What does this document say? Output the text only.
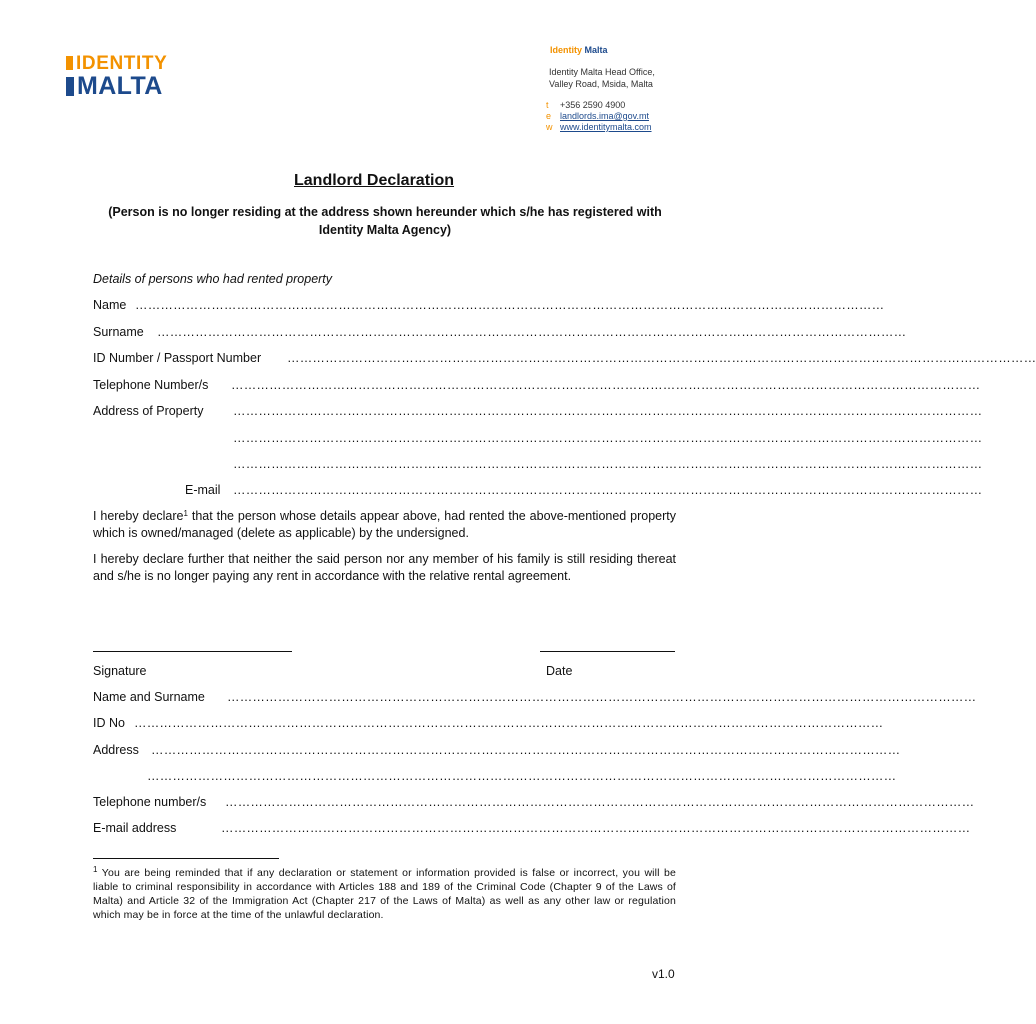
IDENTITY
MALTA
Identity Malta
Identity Malta Head Office,
Valley Road, Msida, Malta
t +356 2590 4900
e landlords.ima@gov.mt
w www.identitymalta.com
Landlord Declaration
(Person is no longer residing at the address shown hereunder which s/he has registered with Identity Malta Agency)
Details of persons who had rented property
Name ……………………………………………………………………………………………………………………………………………………………
Surname ……………………………………………………………………………………………………………………………………………………………
ID Number / Passport Number ……………………………………………………………………………………………………………………………………………………………
Telephone Number/s ……………………………………………………………………………………………………………………………………………………………
Address of Property ……………………………………………………………………………………………………………………………………………………………
……………………………………………………………………………………………………………………………………………………………
……………………………………………………………………………………………………………………………………………………………
E-mail ……………………………………………………………………………………………………………………………………………………………
I hereby declare$^1$ that the person whose details appear above, had rented the above-mentioned property which is owned/managed (delete as applicable) by the undersigned.
I hereby declare further that neither the said person nor any member of his family is still residing thereat and s/he is no longer paying any rent in accordance with the relative rental agreement.
Signature	Date
Name and Surname ……………………………………………………………………………………………………………………………………………………………
ID No ……………………………………………………………………………………………………………………………………………………………
Address ……………………………………………………………………………………………………………………………………………………………
……………………………………………………………………………………………………………………………………………………………
Telephone number/s ……………………………………………………………………………………………………………………………………………………………
E-mail address	……………………………………………………………………………………………………………………………………………………………
$^1$ You are being reminded that if any declaration or statement or information provided is false or incorrect, you will be liable to criminal responsibility in accordance with Articles 188 and 189 of the Criminal Code (Chapter 9 of the Laws of Malta) and Article 32 of the Immigration Act (Chapter 217 of the Laws of Malta) as well as any other law or regulation which may be in force at the time of the unlawful declaration.
v1.0
